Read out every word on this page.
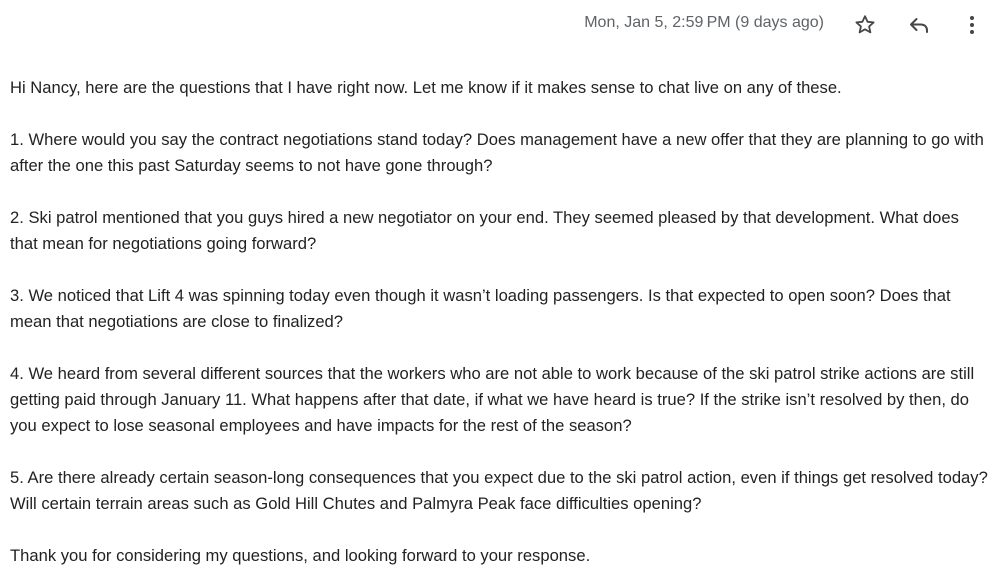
Mon, Jan 5, 2:59 PM (9 days ago)

Hi Nancy, here are the questions that I have right now. Let me know if it makes sense to chat live on any of these.

1. Where would you say the contract negotiations stand today? Does management have a new offer that they are planning to go with after the one this past Saturday seems to not have gone through?

2. Ski patrol mentioned that you guys hired a new negotiator on your end. They seemed pleased by that development. What does that mean for negotiations going forward?

3. We noticed that Lift 4 was spinning today even though it wasn’t loading passengers. Is that expected to open soon? Does that mean that negotiations are close to finalized?

4. We heard from several different sources that the workers who are not able to work because of the ski patrol strike actions are still getting paid through January 11. What happens after that date, if what we have heard is true? If the strike isn’t resolved by then, do you expect to lose seasonal employees and have impacts for the rest of the season?

5. Are there already certain season-long consequences that you expect due to the ski patrol action, even if things get resolved today? Will certain terrain areas such as Gold Hill Chutes and Palmyra Peak face difficulties opening?

Thank you for considering my questions, and looking forward to your response.
